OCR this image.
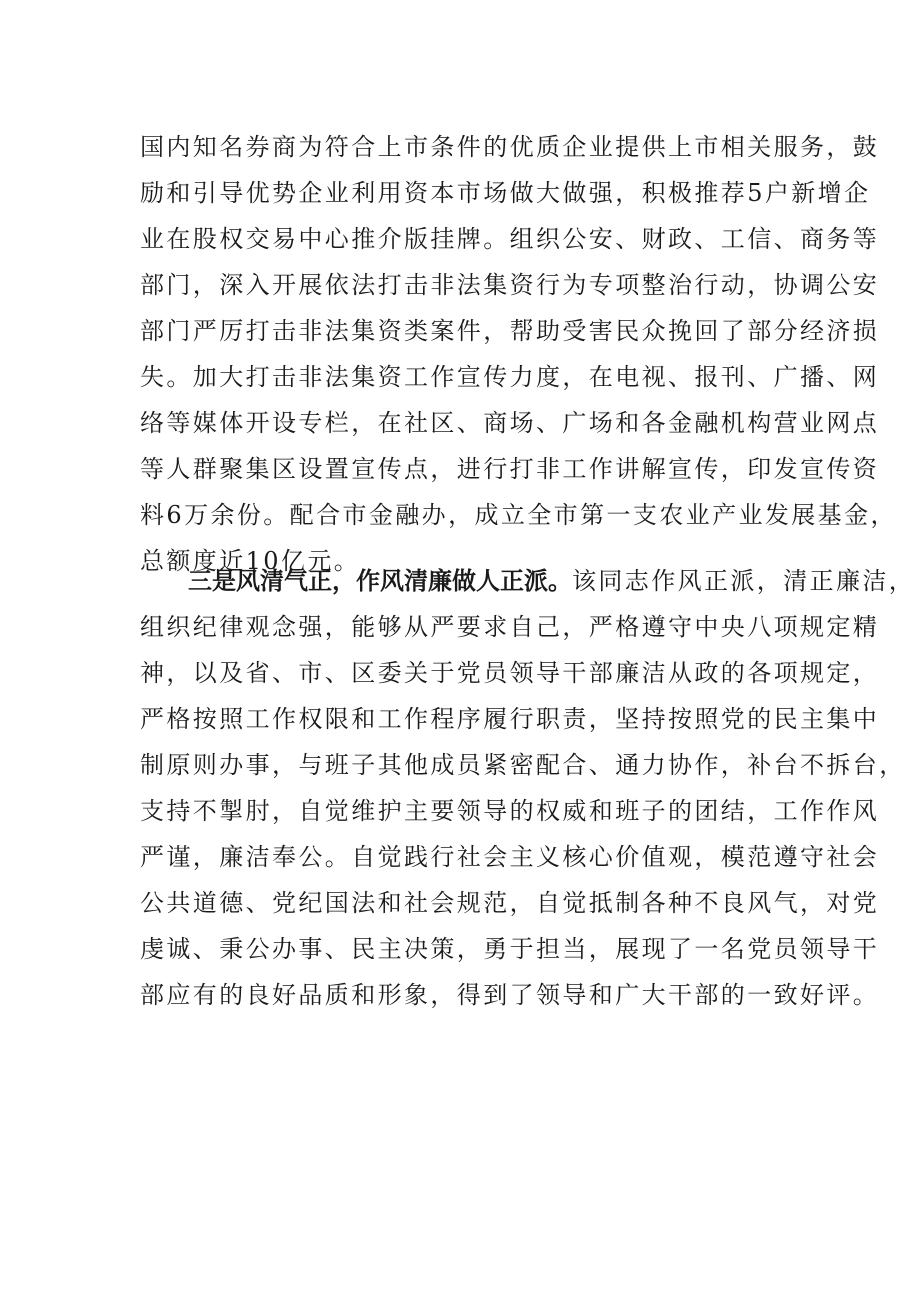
国内知名券商为符合上市条件的优质企业提供上市相关服务，鼓
励和引导优势企业利用资本市场做大做强，积极推荐5户新增企
业在股权交易中心推介版挂牌。组织公安、财政、工信、商务等
部门，深入开展依法打击非法集资行为专项整治行动，协调公安
部门严厉打击非法集资类案件，帮助受害民众挽回了部分经济损
失。加大打击非法集资工作宣传力度，在电视、报刊、广播、网
络等媒体开设专栏，在社区、商场、广场和各金融机构营业网点
等人群聚集区设置宣传点，进行打非工作讲解宣传，印发宣传资
料6万余份。配合市金融办，成立全市第一支农业产业发展基金，
总额度近10亿元。
三是风清气正，作风清廉做人正派。该同志作风正派，清正廉洁，
组织纪律观念强，能够从严要求自己，严格遵守中央八项规定精
神，以及省、市、区委关于党员领导干部廉洁从政的各项规定，
严格按照工作权限和工作程序履行职责，坚持按照党的民主集中
制原则办事，与班子其他成员紧密配合、通力协作，补台不拆台，
支持不掣肘，自觉维护主要领导的权威和班子的团结，工作作风
严谨，廉洁奉公。自觉践行社会主义核心价值观，模范遵守社会
公共道德、党纪国法和社会规范，自觉抵制各种不良风气，对党
虔诚、秉公办事、民主决策，勇于担当，展现了一名党员领导干
部应有的良好品质和形象，得到了领导和广大干部的一致好评。
